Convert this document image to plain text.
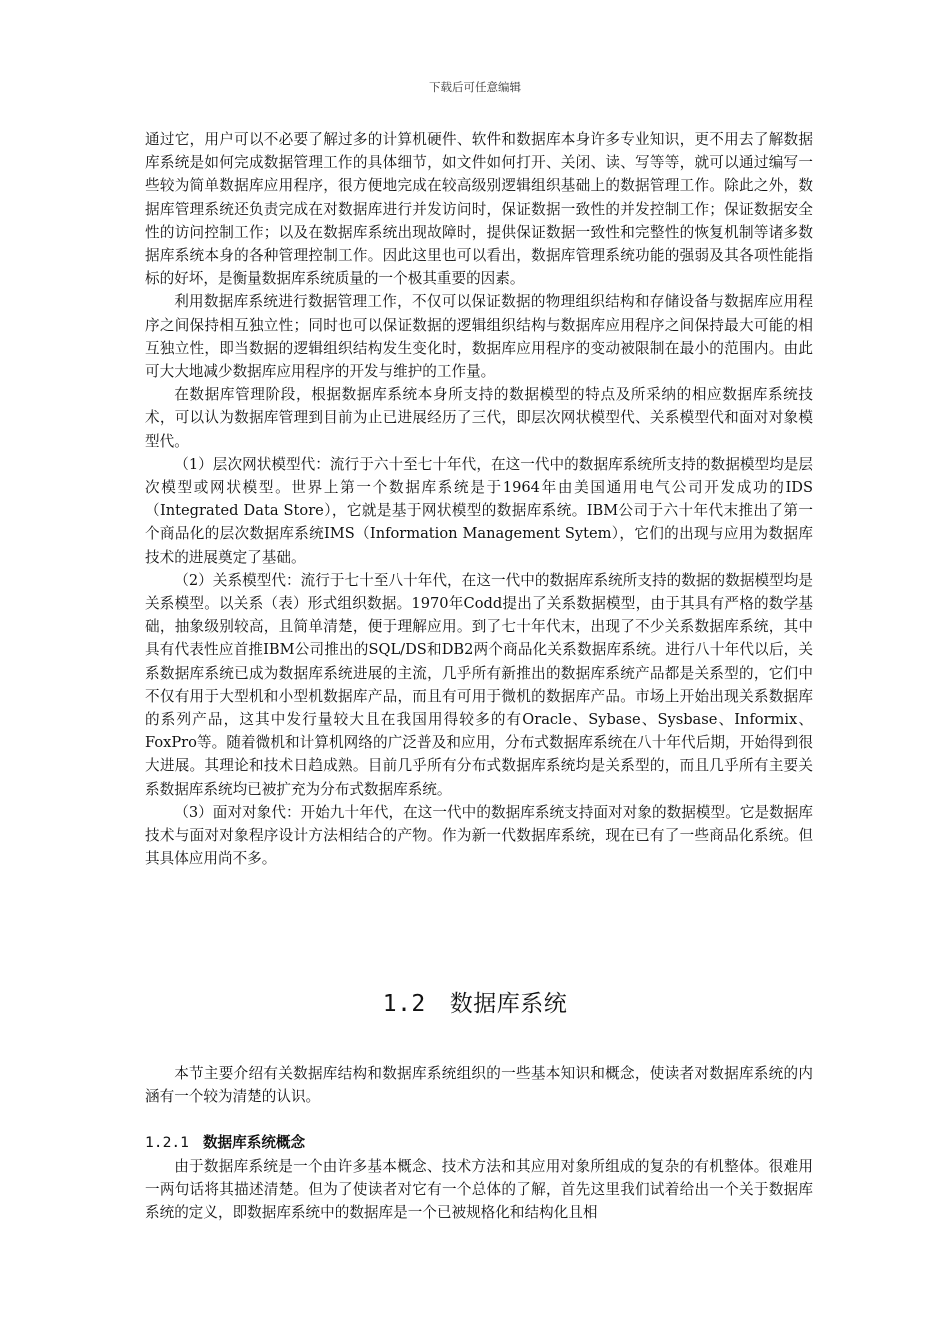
下载后可任意编辑

通过它，用户可以不必要了解过多的计算机硬件、软件和数据库本身许多专业知识，更不用去了解数据库系统是如何完成数据管理工作的具体细节，如文件如何打开、关闭、读、写等等，就可以通过编写一些较为简单数据库应用程序，很方便地完成在较高级别逻辑组织基础上的数据管理工作。除此之外，数据库管理系统还负责完成在对数据库进行并发访问时，保证数据一致性的并发控制工作；保证数据安全性的访问控制工作；以及在数据库系统出现故障时，提供保证数据一致性和完整性的恢复机制等诸多数据库系统本身的各种管理控制工作。因此这里也可以看出，数据库管理系统功能的强弱及其各项性能指标的好坏，是衡量数据库系统质量的一个极其重要的因素。

利用数据库系统进行数据管理工作，不仅可以保证数据的物理组织结构和存储设备与数据库应用程序之间保持相互独立性；同时也可以保证数据的逻辑组织结构与数据库应用程序之间保持最大可能的相互独立性，即当数据的逻辑组织结构发生变化时，数据库应用程序的变动被限制在最小的范围内。由此可大大地减少数据库应用程序的开发与维护的工作量。

在数据库管理阶段，根据数据库系统本身所支持的数据模型的特点及所采纳的相应数据库系统技术，可以认为数据库管理到目前为止已进展经历了三代，即层次网状模型代、关系模型代和面对对象模型代。

（1）层次网状模型代：流行于六十至七十年代，在这一代中的数据库系统所支持的数据模型均是层次模型或网状模型。世界上第一个数据库系统是于1964年由美国通用电气公司开发成功的IDS（Integrated Data Store），它就是基于网状模型的数据库系统。IBM公司于六十年代末推出了第一个商品化的层次数据库系统IMS（Information Management Sytem），它们的出现与应用为数据库技术的进展奠定了基础。

（2）关系模型代：流行于七十至八十年代，在这一代中的数据库系统所支持的数据的数据模型均是关系模型。以关系（表）形式组织数据。1970年Codd提出了关系数据模型，由于其具有严格的数学基础，抽象级别较高，且简单清楚，便于理解应用。到了七十年代末，出现了不少关系数据库系统，其中具有代表性应首推IBM公司推出的SQL/DS和DB2两个商品化关系数据库系统。进行八十年代以后，关系数据库系统已成为数据库系统进展的主流，几乎所有新推出的数据库系统产品都是关系型的，它们中不仅有用于大型机和小型机数据库产品，而且有可用于微机的数据库产品。市场上开始出现关系数据库的系列产品，这其中发行量较大且在我国用得较多的有Oracle、Sybase、Sysbase、Informix、FoxPro等。随着微机和计算机网络的广泛普及和应用，分布式数据库系统在八十年代后期，开始得到很大进展。其理论和技术日趋成熟。目前几乎所有分布式数据库系统均是关系型的，而且几乎所有主要关系数据库系统均已被扩充为分布式数据库系统。

（3）面对对象代：开始九十年代，在这一代中的数据库系统支持面对对象的数据模型。它是数据库技术与面对对象程序设计方法相结合的产物。作为新一代数据库系统，现在已有了一些商品化系统。但其具体应用尚不多。

1.2 数据库系统

本节主要介绍有关数据库结构和数据库系统组织的一些基本知识和概念，使读者对数据库系统的内涵有一个较为清楚的认识。

1.2.1 数据库系统概念

由于数据库系统是一个由许多基本概念、技术方法和其应用对象所组成的复杂的有机整体。很难用一两句话将其描述清楚。但为了使读者对它有一个总体的了解，首先这里我们试着给出一个关于数据库系统的定义，即数据库系统中的数据库是一个已被规格化和结构化且相
